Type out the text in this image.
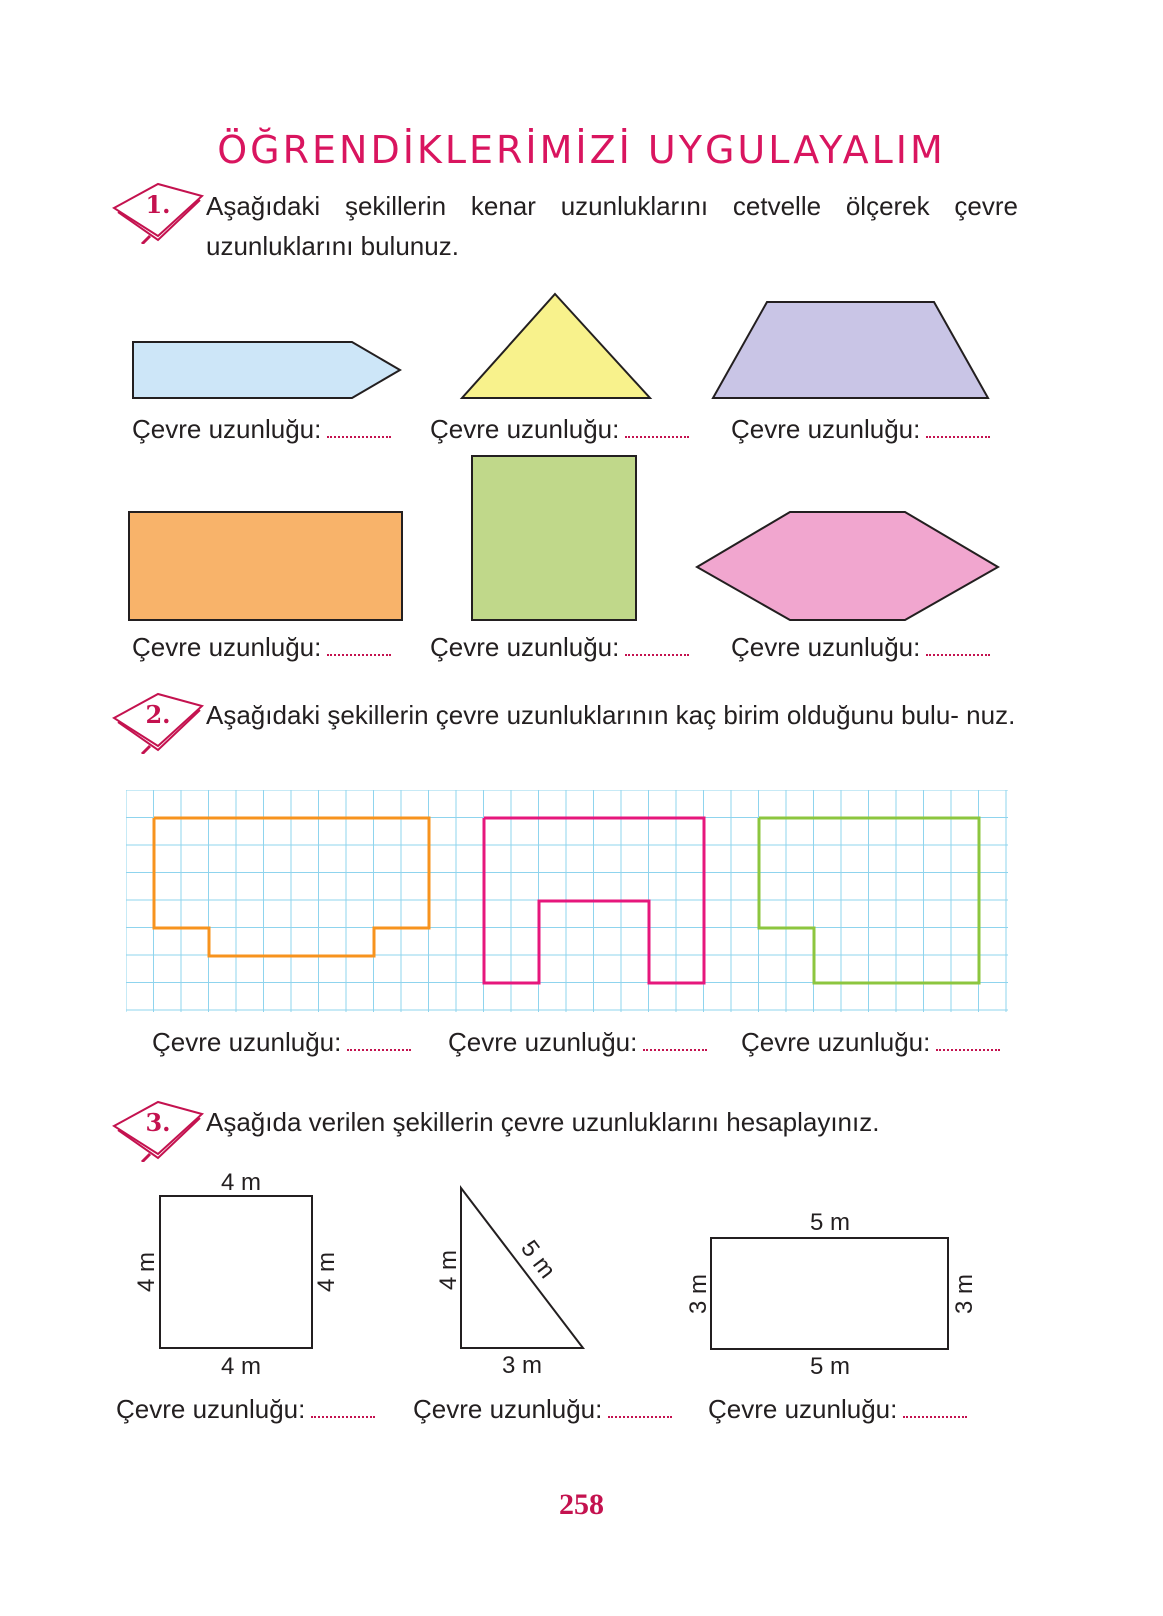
ÖĞRENDİKLERİMİZİ UYGULAYALIM
1. Aşağıdaki şekillerin kenar uzunluklarını cetvelle ölçerek çevre uzunluklarını bulunuz.
Çevre uzunluğu:	Çevre uzunluğu:	Çevre uzunluğu:
Çevre uzunluğu:	Çevre uzunluğu:	Çevre uzunluğu:
2. Aşağıdaki şekillerin çevre uzunluklarının kaç birim olduğunu bulu- nuz.
Çevre uzunluğu:	Çevre uzunluğu:	Çevre uzunluğu:
3. Aşağıda verilen şekillerin çevre uzunluklarını hesaplayınız.
4 m
4 m
4 m	4 m	4 m 5 m
3 m
5 m
5 m
3 m	3 m
Çevre uzunluğu:	Çevre uzunluğu:	Çevre uzunluğu:
258
